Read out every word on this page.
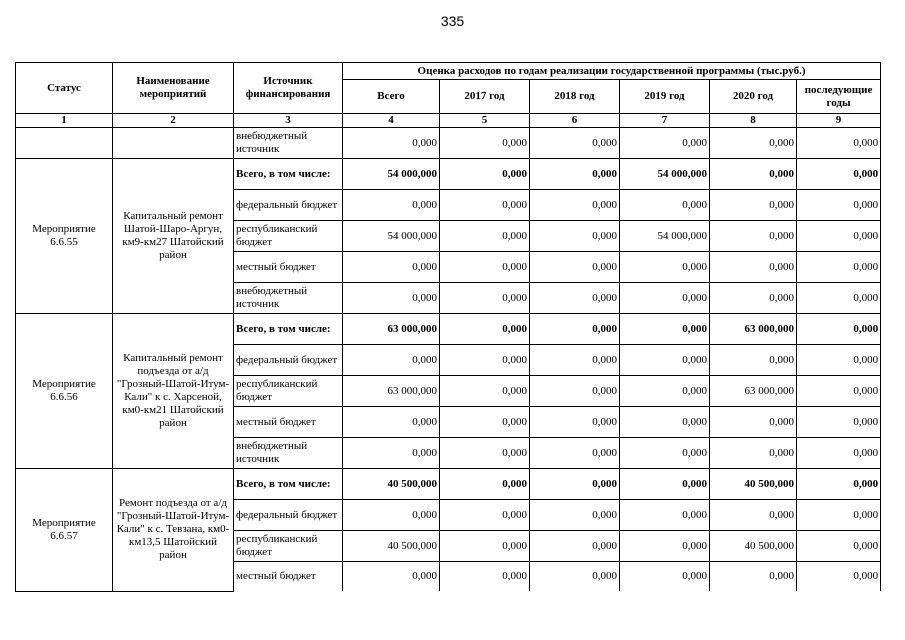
335
Статус	Наименование мероприятий	Источник финансирования	Оценка расходов по годам реализации государственной программы (тыс.руб.)					
			Всего	2017 год	2018 год	2019 год	2020 год	последующие годы
1	2	3	4	5	6	7	8	9
		внебюджетный источник	0,000	0,000	0,000	0,000	0,000	0,000
Мероприятие 6.6.55	Капитальный ремонт Шатой-Шаро-Аргун, км9-км27 Шатойский район	Всего, в том числе:	54 000,000	0,000	0,000	54 000,000	0,000	0,000
		федеральный бюджет	0,000	0,000	0,000	0,000	0,000	0,000
		республиканский бюджет	54 000,000	0,000	0,000	54 000,000	0,000	0,000
		местный бюджет	0,000	0,000	0,000	0,000	0,000	0,000
		внебюджетный источник	0,000	0,000	0,000	0,000	0,000	0,000
Мероприятие 6.6.56	Капитальный ремонт подъезда от а/д "Грозный-Шатой-Итум-Кали" к с. Харсеной, км0-км21 Шатойский район	Всего, в том числе:	63 000,000	0,000	0,000	0,000	63 000,000	0,000
		федеральный бюджет	0,000	0,000	0,000	0,000	0,000	0,000
		республиканский бюджет	63 000,000	0,000	0,000	0,000	63 000,000	0,000
		местный бюджет	0,000	0,000	0,000	0,000	0,000	0,000
		внебюджетный источник	0,000	0,000	0,000	0,000	0,000	0,000
Мероприятие 6.6.57	Ремонт подъезда от а/д "Грозный-Шатой-Итум-Кали" к с. Тевзана, км0-км13,5 Шатойский район	Всего, в том числе:	40 500,000	0,000	0,000	0,000	40 500,000	0,000
		федеральный бюджет	0,000	0,000	0,000	0,000	0,000	0,000
		республиканский бюджет	40 500,000	0,000	0,000	0,000	40 500,000	0,000
		местный бюджет	0,000	0,000	0,000	0,000	0,000	0,000
